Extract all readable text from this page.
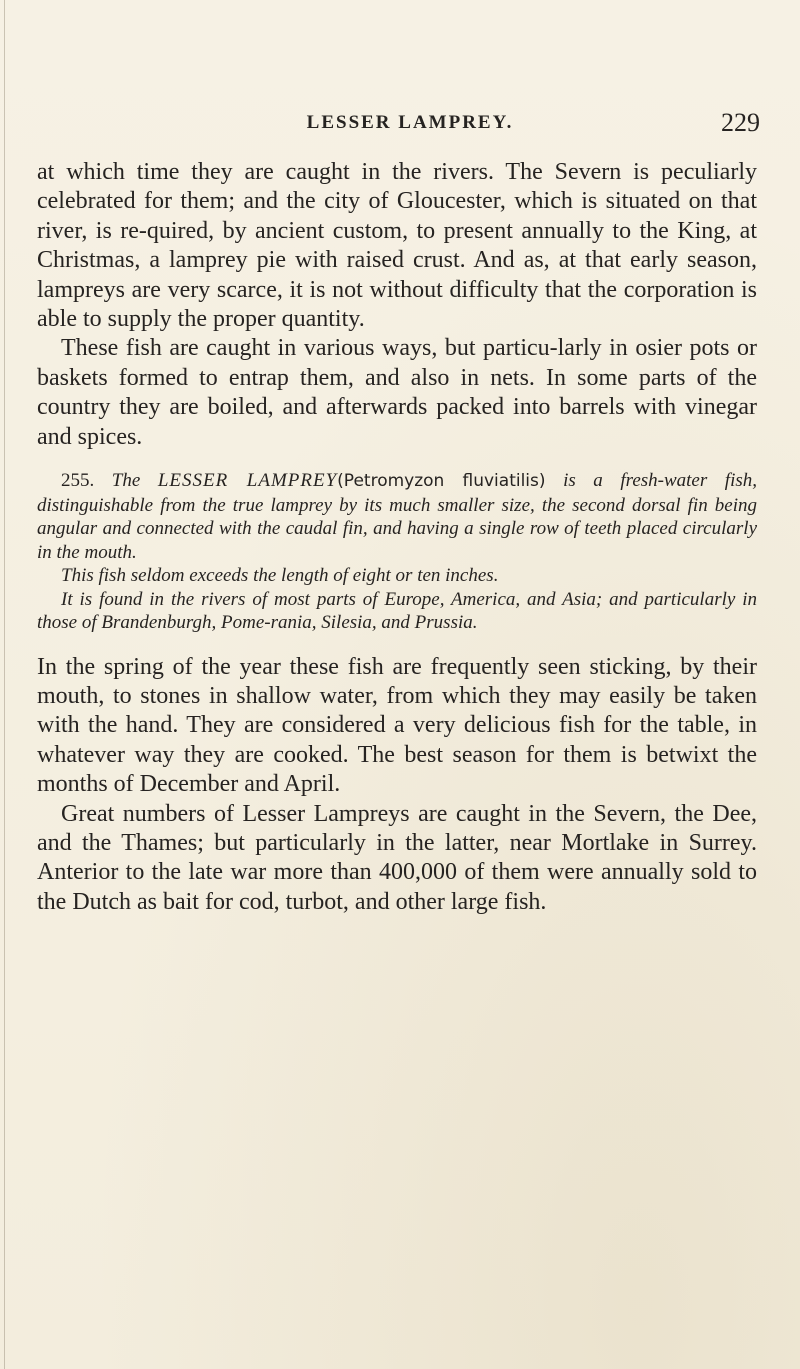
LESSER LAMPREY.	229

at which time they are caught in the rivers. The Severn is peculiarly celebrated for them; and the city of Gloucester, which is situated on that river, is re-quired, by ancient custom, to present annually to the King, at Christmas, a lamprey pie with raised crust. And as, at that early season, lampreys are very scarce, it is not without difficulty that the corporation is able to supply the proper quantity.

These fish are caught in various ways, but particu-larly in osier pots or baskets formed to entrap them, and also in nets. In some parts of the country they are boiled, and afterwards packed into barrels with vinegar and spices.

255. The LESSER LAMPREY(Petromyzon fluviatilis) is a fresh-water fish, distinguishable from the true lamprey by its much smaller size, the second dorsal fin being angular and connected with the caudal fin, and having a single row of teeth placed circularly in the mouth.

This fish seldom exceeds the length of eight or ten inches.

It is found in the rivers of most parts of Europe, America, and Asia; and particularly in those of Brandenburgh, Pome-rania, Silesia, and Prussia.

In the spring of the year these fish are frequently seen sticking, by their mouth, to stones in shallow water, from which they may easily be taken with the hand. They are considered a very delicious fish for the table, in whatever way they are cooked. The best season for them is betwixt the months of December and April.

Great numbers of Lesser Lampreys are caught in the Severn, the Dee, and the Thames; but particularly in the latter, near Mortlake in Surrey. Anterior to the late war more than 400,000 of them were annually sold to the Dutch as bait for cod, turbot, and other large fish.
